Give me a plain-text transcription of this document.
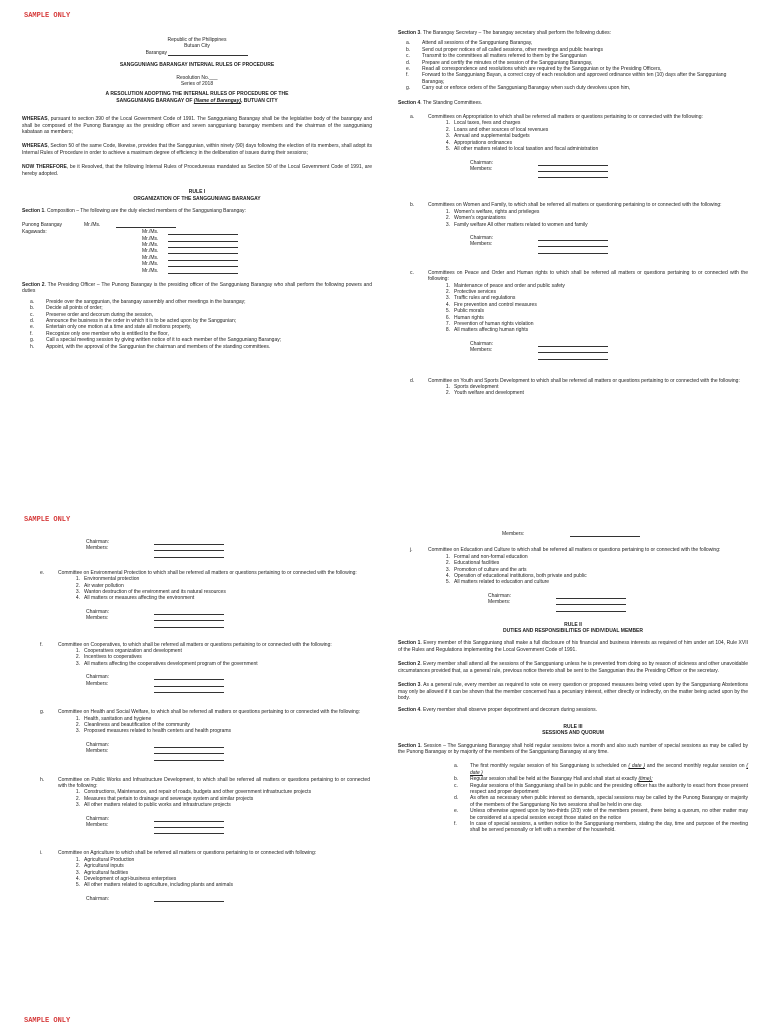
SAMPLE ONLY
Republic of the Philippines
Butuan City
Barangay
SANGGUNIANG BARANGAY INTERNAL RULES OF PROCEDURE
Resolution No.___
Series of 2018
A RESOLUTION ADOPTING THE INTERNAL RULES OF PROCEDURE OF THE
SANGGUNIANG BARANGAY OF (Name of Barangay), BUTUAN CITY

WHEREAS, pursuant to section 390 of the Local Government Code of 1991. The Sangguniang Barangay shall be the legislative body of the barangay and shall be composed of the Punong Barangay as the presiding officer and seven sangguniang barangay members and the chairman of the sangguniang kabataan as members;

WHEREAS, Section 50 of the same Code, likewise, provides that the Sanggunian, within ninety (90) days following the election of its members, shall adopt its Internal Rules of Procedure in order to achieve a maximum degree of efficiency in the deliberation of issues during their sessions;

NOW THEREFORE, be it Resolved, that the following Internal Rules of Proceduresas mandated as Section 50 of the Local Government Code of 1991, are hereby adopted.

RULE I
ORGANIZATION OF THE SANGGUNIANG BARANGAY

Section 1. Composition – The following are the duly elected members of the Sangguniang Barangay:

Punong Barangay	Mr./Ms.
Kagawads:	Mr./Ms.
Mr./Ms.
Mr./Ms.
Mr./Ms.
Mr./Ms.
Mr./Ms.
Mr./Ms.

Section 2. The Presiding Officer – The Punong Barangay is the presiding officer of the Sangguniang Barangay who shall perform the following powers and duties

a.	Preside over the sanggunian, the barangay assembly and other meetings in the barangay;
b.	Decide all points of order;
c.	Preserve order and decorum during the session,
d.	Announce the business in the order in which it is to be acted upon by the Sanggunian;
e.	Entertain only one motion at a time and state all motions property,
f.	Recognize only one member who is entitled to the floor,
g.	Call a special meeting session by giving written notice of it to each member of the Sangguniang Barangay;
h.	Appoint, with the approval of the Sanggunian the chairman and members of the standing committees.

Section 3. The Barangay Secretary – The barangay secretary shall perform the following duties:

a.	Attend all sessions of the Sangguniang Barangay,
b.	Send out proper notices of all called sessions, other meetings and public hearings
c.	Transmit to the committees all matters referred to them by the Sanggunian
d.	Prepare and certify the minutes of the session of the Sangguniang Barangay,
e.	Read all correspondence and resolutions which are required by the Sanggunian or by the Presiding Officers,
f.	Forward to the Sangguniang Bayan, a correct copy of each resolution and approved ordinance within ten (10) days after the Sangguniang Barangay,
g.	Carry out or enforce orders of the Sangguniang Barangay when such duty devolves upon him,

Section 4. The Standing Committees.

a.	Committees on Appropriation to which shall be referred all matters or questions pertaining to or connected with the following:
1. Local taxes, fees and charges
2. Loans and other sources of local revenues
3. Annual and supplemental budgets
4. Appropriations ordinances
5. All other matters related to local taxation and fiscal administration
Chairman:
Members:
b.	Committees on Women and Family, to which shall be referred all matters or questioning pertaining to or connected with the following:
1. Women's welfare, rights and privileges
2. Women's organizations
3. Family welfare All other matters related to women and family
Chairman:
Members:
c.	Committees on Peace and Order and Human rights to which shall be referred all matters or questions pertaining to or connected with the following:
1. Maintenance of peace and order and public safety
2. Protective services
3. Traffic rules and regulations
4. Fire prevention and control measures
5. Public morals
6. Human rights
7. Prevention of human rights violation
8. All matters affecting human rights
Chairman:
Members:
d.	Committee on Youth and Sports Development to which shall be referred all matters or questions pertaining to or connected with the following:
1. Sports development
2. Youth welfare and development
SAMPLE ONLY
Chairman:
Members:
e.	Committee on Environmental Protection to which shall be referred all matters or questions pertaining to or connected with the following:
1. Environmental protection
2. Air water pollution
3. Wanton destruction of the environment and its natural resources
4. All matters or measures affecting the environment
Chairman:
Members:
f.	Committee on Cooperatives, to which shall be referred all matters or questions pertaining to or connected with the following:
1. Cooperatives organization and development
2. Incentives to cooperatives
3. All matters affecting the cooperatives development program of the government
Chairman:
Members:
g.	Committee on Health and Social Welfare, to which shall be referred all matters or questions pertaining to or connected with the following:
1. Health, sanitation and hygiene
2. Cleanliness and beautification of the community
3. Proposed measures related to health centers and health programs
Chairman:
Members:
h.	Committee on Public Works and Infrastructure Development, to which shall be referred all matters or questions pertaining to or connected with the following:
1. Constructions, Maintenance, and repair of roads, budgets and other government infrastructure projects
2. Measures that pertain to drainage and sewerage system and similar projects
3. All other matters related to public works and infrastructure projects
Chairman:
Members:
i.	Committee on Agriculture to which shall be referred all matters or questions pertaining to or connected with following:
1. Agricultural Production
2. Agricultural inputs
3. Agricultural facilities
4. Development of agri-business enterprises
5. All other matters related to agriculture, including plants and animals
Chairman:
Members:
j.	Committee on Education and Culture to which shall be referred all matters or questions pertaining to or connected with the following:
1. Formal and non-formal education
2. Educational facilities
3. Promotion of culture and the arts
4. Operation of educational institutions, both private and public
5. All matters related to education and culture
Chairman:
Members:
RULE II
DUTIES AND RESPONSIBILITIES OF INDIVIDUAL MEMBER

Section 1. Every member of this Sangguniang shall make a full disclosure of his financial and business interests as required of him under art 104, Rule XVII of the Rules and Regulations implementing the Local Government Code of 1991.

Section 2. Every member shall attend all the sessions of the Sangguniang unless he is prevented from doing so by reason of sickness and other unavoidable circumstances provided that, as a general rule, previous notice thereto shall be sent to the Sanggunian thru the Presiding Officer or the secretary.

Section 3. As a general rule, every member as required to vote on every question or proposed measures being voted upon by the Sangguniang Abstentions may only be allowed if it can be shown that the member concerned has a pecuniary interest, either directly or indirectly, on the matter being acted upon by the body.

Section 4. Every member shall observe proper deportment and decorum during sessions.

RULE III
SESSIONS AND QUORUM

Section 1. Session – The Sangguniang Barangay shall hold regular sessions twice a month and also such number of special sessions as may be called by the Punong Barangay or by majority of the members of the Sangguniang Barangay at any time.

a.	The first monthly regular session of his Sangguniang is scheduled on ( date ) and the second monthly regular session on ( date )
b.	Regular session shall be held at the Barangay Hall and shall start at exactly (time);
c.	Regular sessions of this Sangguniang shall be in public and the presiding officer has the authority to exact from those present respect and proper deportment
d.	As often as necessary when public interest so demands, special sessions may be called by the Punong Barangay or majority of the members of the Sangguniang No two sessions shall be held in one day.
e.	Unless otherwise agreed upon by two-thirds (2/3) vote of the members present, there being a quorum, no other matter may be considered at a special session except those stated on the notice
f.	In case of special sessions, a written notice to the Sangguniang members, stating the day, time and purpose of the meeting shall be served personally or left with a member of the household.
SAMPLE ONLY
